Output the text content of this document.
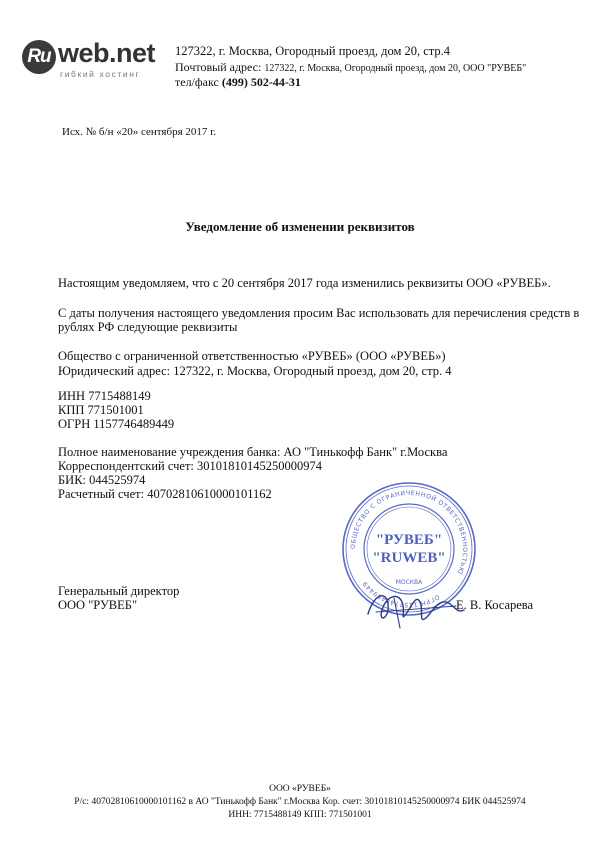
Ru web.net
гибкий хостинг
127322, г. Москва, Огородный проезд, дом 20, стр.4
Почтовый адрес: 127322, г. Москва, Огородный проезд, дом 20, ООО "РУВЕБ"
тел/факс (499) 502-44-31
Исх. № б/н «20» сентября 2017 г.
Уведомление об изменении реквизитов
Настоящим уведомляем, что с 20 сентября 2017 года изменились реквизиты ООО «РУВЕБ».
С даты получения настоящего уведомления просим Вас использовать для перечисления средств в
рублях РФ следующие реквизиты
Общество с ограниченной ответственностью «РУВЕБ» (ООО «РУВЕБ»)
Юридический адрес: 127322, г. Москва, Огородный проезд, дом 20, стр. 4
ИНН 7715488149
КПП 771501001
ОГРН 1157746489449
Полное наименование учреждения банка: АО "Тинькофф Банк" г.Москва
Корреспондентский счет: 30101810145250000974
БИК: 044525974
Расчетный счет: 40702810610000101162
ОБЩЕСТВО С ОГРАНИЧЕННОЙ ОТВЕТСТВЕННОСТЬЮ
ОГРН 1157746489449
"РУВЕБ"
"RUWEB"
МОСКВА
Генеральный директор
ООО "РУВЕБ"	Е. В. Косарева
ООО «РУВЕБ»
Р/с: 40702810610000101162 в АО "Тинькофф Банк" г.Москва Кор. счет: 30101810145250000974 БИК 044525974
ИНН: 7715488149 КПП: 771501001
